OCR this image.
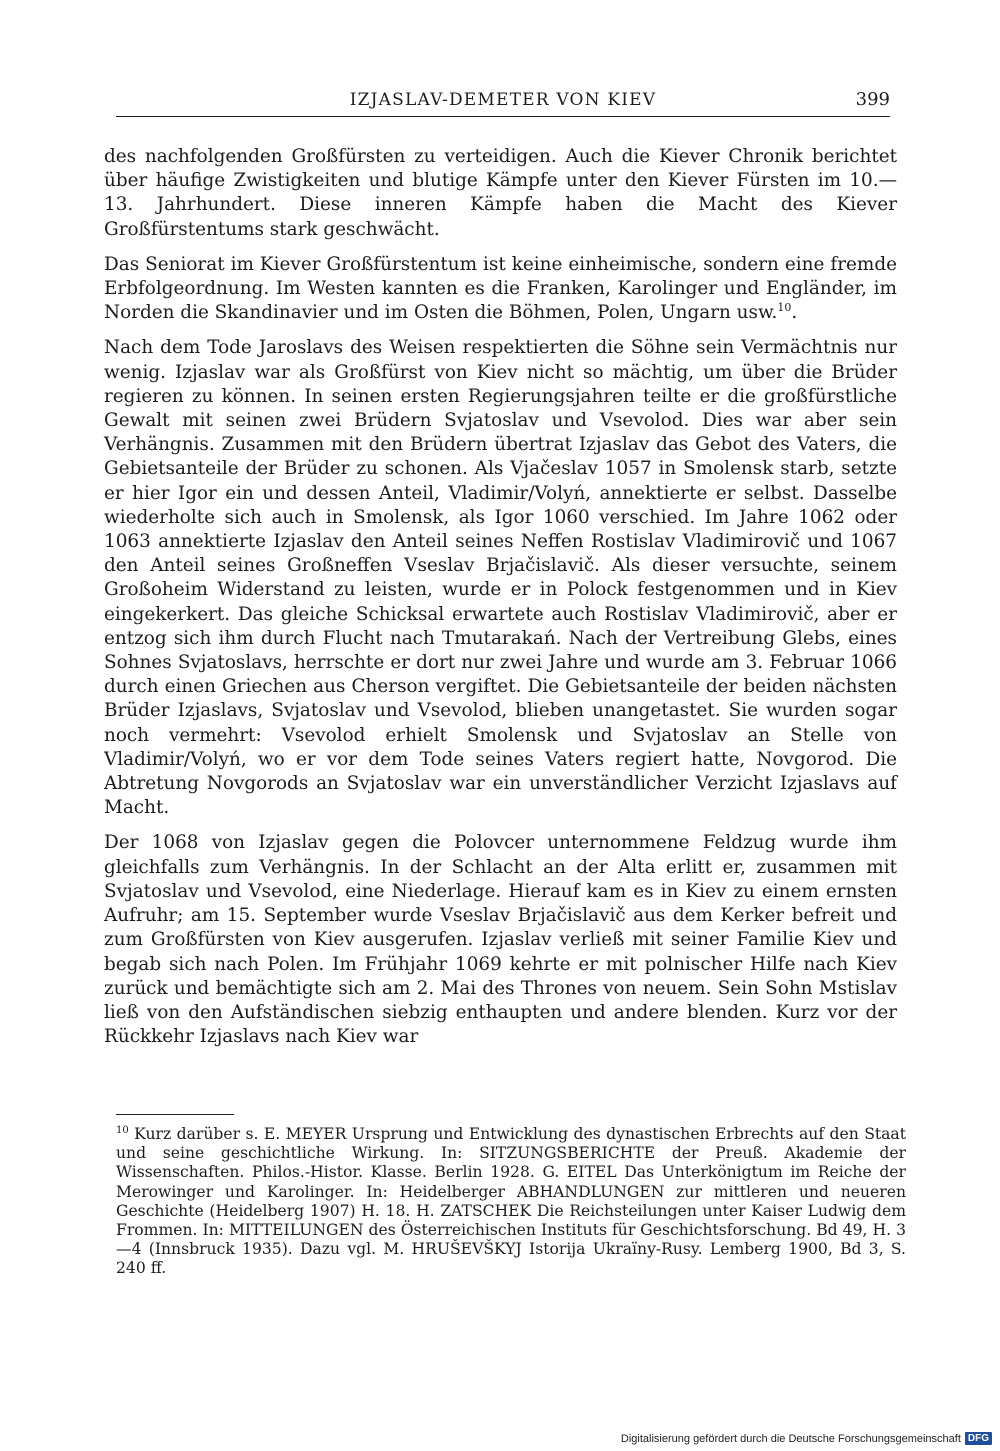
IZJASLAV-DEMETER VON KIEV	399

des nachfolgenden Großfürsten zu verteidigen. Auch die Kiever Chronik berichtet über häufige Zwistigkeiten und blutige Kämpfe unter den Kiever Fürsten im 10.—13. Jahrhundert. Diese inneren Kämpfe haben die Macht des Kiever Großfürstentums stark geschwächt.

Das Seniorat im Kiever Großfürstentum ist keine einheimische, sondern eine fremde Erbfolgeordnung. Im Westen kannten es die Franken, Karolinger und Engländer, im Norden die Skandinavier und im Osten die Böhmen, Polen, Ungarn usw.$^{10}$.

Nach dem Tode Jaroslavs des Weisen respektierten die Söhne sein Vermächtnis nur wenig. Izjaslav war als Großfürst von Kiev nicht so mächtig, um über die Brüder regieren zu können. In seinen ersten Regierungsjahren teilte er die großfürstliche Gewalt mit seinen zwei Brüdern Svjatoslav und Vsevolod. Dies war aber sein Verhängnis. Zusammen mit den Brüdern übertrat Izjaslav das Gebot des Vaters, die Gebietsanteile der Brüder zu schonen. Als Vjačeslav 1057 in Smolensk starb, setzte er hier Igor ein und dessen Anteil, Vladimir/Volyń, annektierte er selbst. Dasselbe wiederholte sich auch in Smolensk, als Igor 1060 verschied. Im Jahre 1062 oder 1063 annektierte Izjaslav den Anteil seines Neffen Rostislav Vladimirovič und 1067 den Anteil seines Großneffen Vseslav Brjačislavič. Als dieser versuchte, seinem Großoheim Widerstand zu leisten, wurde er in Polock festgenommen und in Kiev eingekerkert. Das gleiche Schicksal erwartete auch Rostislav Vladimirovič, aber er entzog sich ihm durch Flucht nach Tmutarakań. Nach der Vertreibung Glebs, eines Sohnes Svjatoslavs, herrschte er dort nur zwei Jahre und wurde am 3. Februar 1066 durch einen Griechen aus Cherson vergiftet. Die Gebietsanteile der beiden nächsten Brüder Izjaslavs, Svjatoslav und Vsevolod, blieben unangetastet. Sie wurden sogar noch vermehrt: Vsevolod erhielt Smolensk und Svjatoslav an Stelle von Vladimir/Volyń, wo er vor dem Tode seines Vaters regiert hatte, Novgorod. Die Abtretung Novgorods an Svjatoslav war ein unverständlicher Verzicht Izjaslavs auf Macht.

Der 1068 von Izjaslav gegen die Polovcer unternommene Feldzug wurde ihm gleichfalls zum Verhängnis. In der Schlacht an der Alta erlitt er, zusammen mit Svjatoslav und Vsevolod, eine Niederlage. Hierauf kam es in Kiev zu einem ernsten Aufruhr; am 15. September wurde Vseslav Brjačislavič aus dem Kerker befreit und zum Großfürsten von Kiev ausgerufen. Izjaslav verließ mit seiner Familie Kiev und begab sich nach Polen. Im Frühjahr 1069 kehrte er mit polnischer Hilfe nach Kiev zurück und bemächtigte sich am 2. Mai des Thrones von neuem. Sein Sohn Mstislav ließ von den Aufständischen siebzig enthaupten und andere blenden. Kurz vor der Rückkehr Izjaslavs nach Kiev war

$^{10}$ Kurz darüber s. E. MEYER Ursprung und Entwicklung des dynastischen Erbrechts auf den Staat und seine geschichtliche Wirkung. In: SITZUNGSBERICHTE der Preuß. Akademie der Wissenschaften. Philos.-Histor. Klasse. Berlin 1928. G. EITEL Das Unterkönigtum im Reiche der Merowinger und Karolinger. In: Heidelberger ABHANDLUNGEN zur mittleren und neueren Geschichte (Heidelberg 1907) H. 18. H. ZATSCHEK Die Reichsteilungen unter Kaiser Ludwig dem Frommen. In: MITTEILUNGEN des Österreichischen Instituts für Geschichtsforschung. Bd 49, H. 3—4 (Innsbruck 1935). Dazu vgl. M. HRUŠEVŠKYJ Istorija Ukraïny-Rusy. Lemberg 1900, Bd 3, S. 240 ff.

Digitalisierung gefördert durch die Deutsche Forschungsgemeinschaft DFG
